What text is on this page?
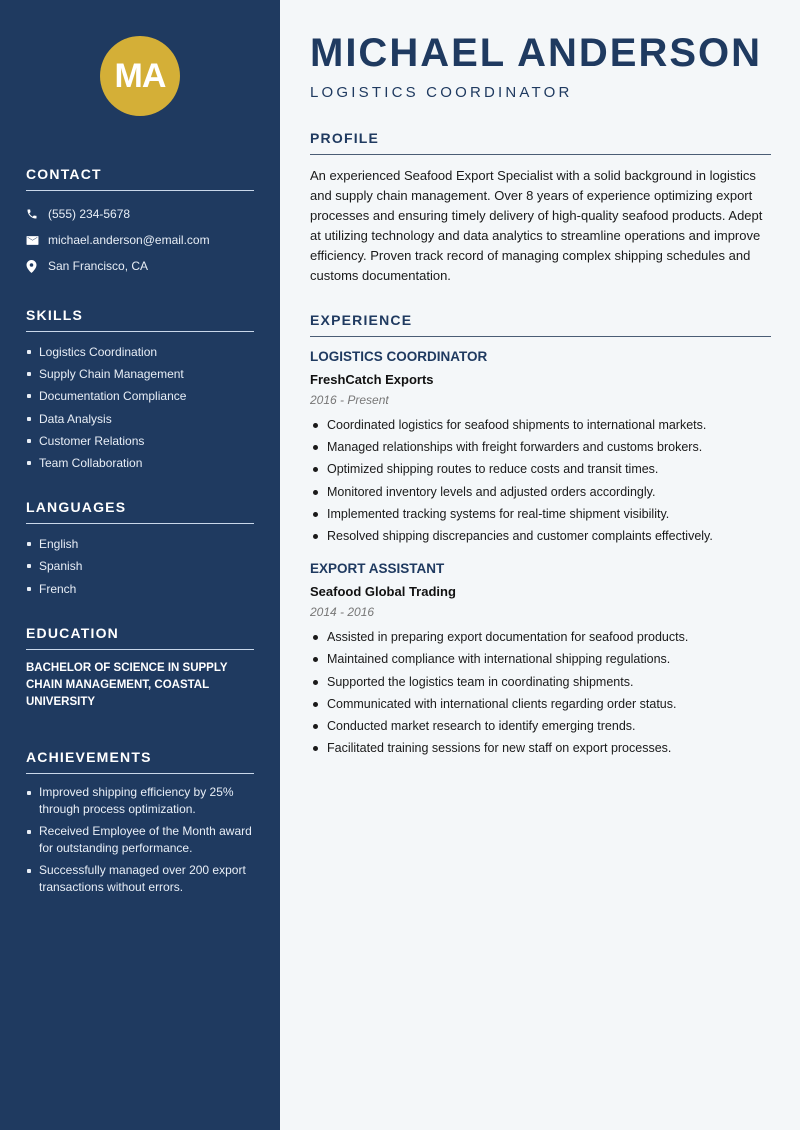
MA
CONTACT
(555) 234-5678
michael.anderson@email.com
San Francisco, CA
SKILLS
Logistics Coordination
Supply Chain Management
Documentation Compliance
Data Analysis
Customer Relations
Team Collaboration
LANGUAGES
English
Spanish
French
EDUCATION

BACHELOR OF SCIENCE IN SUPPLY CHAIN MANAGEMENT, COASTAL UNIVERSITY

ACHIEVEMENTS
Improved shipping efficiency by 25% through process optimization.
Received Employee of the Month award for outstanding performance.
Successfully managed over 200 export transactions without errors.
MICHAEL ANDERSON
LOGISTICS COORDINATOR
PROFILE

An experienced Seafood Export Specialist with a solid background in logistics and supply chain management. Over 8 years of experience optimizing export processes and ensuring timely delivery of high-quality seafood products. Adept at utilizing technology and data analytics to streamline operations and improve efficiency. Proven track record of managing complex shipping schedules and customs documentation.

EXPERIENCE
LOGISTICS COORDINATOR
FreshCatch Exports
2016 - Present
Coordinated logistics for seafood shipments to international markets.
Managed relationships with freight forwarders and customs brokers.
Optimized shipping routes to reduce costs and transit times.
Monitored inventory levels and adjusted orders accordingly.
Implemented tracking systems for real-time shipment visibility.
Resolved shipping discrepancies and customer complaints effectively.
EXPORT ASSISTANT
Seafood Global Trading
2014 - 2016
Assisted in preparing export documentation for seafood products.
Maintained compliance with international shipping regulations.
Supported the logistics team in coordinating shipments.
Communicated with international clients regarding order status.
Conducted market research to identify emerging trends.
Facilitated training sessions for new staff on export processes.
